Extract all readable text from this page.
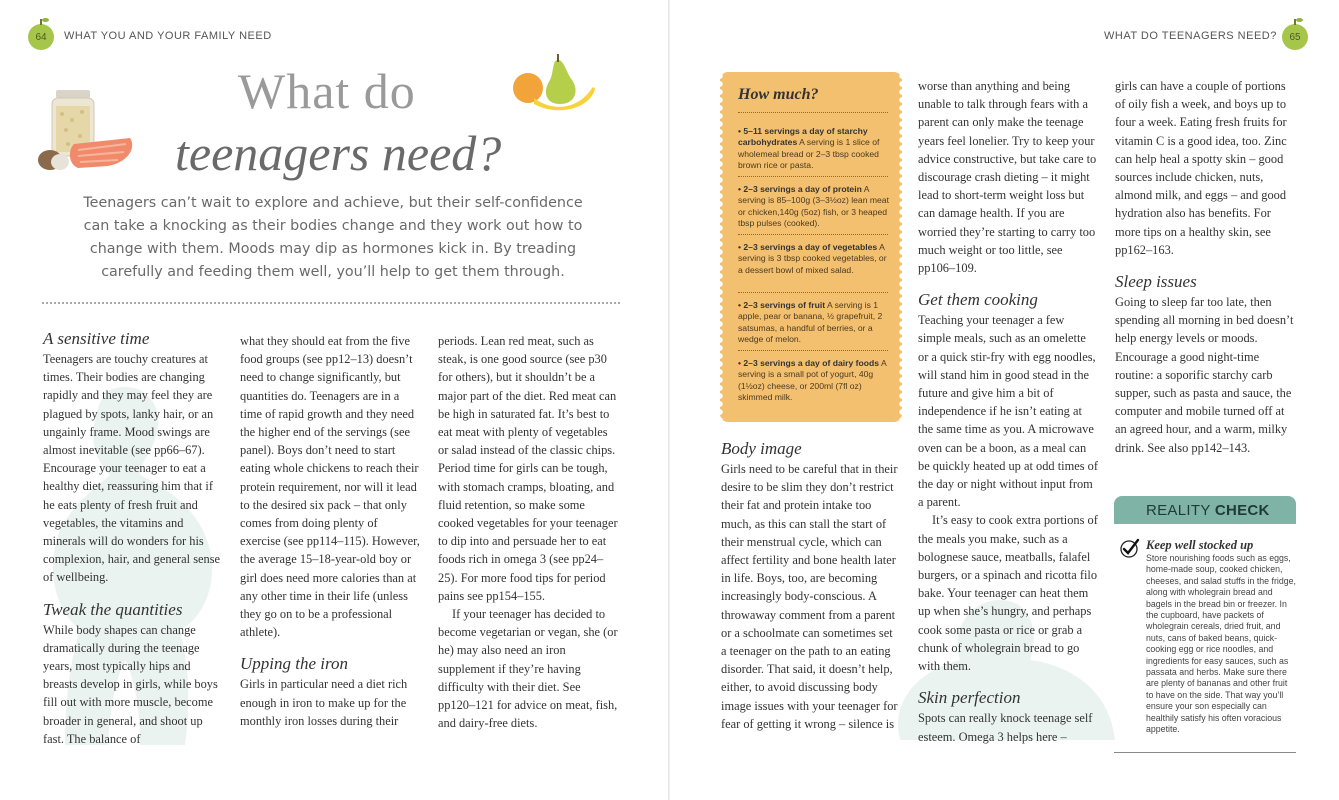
64 WHAT YOU AND YOUR FAMILY NEED
What do
teenagers need?
Teenagers can’t wait to explore and achieve, but their self-confidence can take a knocking as their bodies change and they work out how to change with them. Moods may dip as hormones kick in. By treading carefully and feeding them well, you’ll help to get them through.
A sensitive time

Teenagers are touchy creatures at times. Their bodies are changing rapidly and they may feel they are plagued by spots, lanky hair, or an ungainly frame. Mood swings are almost inevitable (see pp66–67). Encourage your teenager to eat a healthy diet, reassuring him that if he eats plenty of fresh fruit and vegetables, the vitamins and minerals will do wonders for his complexion, hair, and general sense of wellbeing.

Tweak the quantities

While body shapes can change dramatically during the teenage years, most typically hips and breasts develop in girls, while boys fill out with more muscle, become broader in general, and shoot up fast. The balance of

what they should eat from the five food groups (see pp12–13) doesn’t need to change significantly, but quantities do. Teenagers are in a time of rapid growth and they need the higher end of the servings (see panel). Boys don’t need to start eating whole chickens to reach their protein requirement, nor will it lead to the desired six pack – that only comes from doing plenty of exercise (see pp114–115). However, the average 15–18-year-old boy or girl does need more calories than at any other time in their life (unless they go on to be a professional athlete).

Upping the iron

Girls in particular need a diet rich enough in iron to make up for the monthly iron losses during their

periods. Lean red meat, such as steak, is one good source (see p30 for others), but it shouldn’t be a major part of the diet. Red meat can be high in saturated fat. It’s best to eat meat with plenty of vegetables or salad instead of the classic chips. Period time for girls can be tough, with stomach cramps, bloating, and fluid retention, so make some cooked vegetables for your teenager to dip into and persuade her to eat foods rich in omega 3 (see pp24–25). For more food tips for period pains see pp154–155.

If your teenager has decided to become vegetarian or vegan, she (or he) may also need an iron supplement if they’re having difficulty with their diet. See pp120–121 for advice on meat, fish, and dairy-free diets.

WHAT DO TEENAGERS NEED? 65
How much?
• 5–11 servings a day of starchy carbohydrates A serving is 1 slice of wholemeal bread or 2–3 tbsp cooked brown rice or pasta.
• 2–3 servings a day of protein A serving is 85–100g (3–3½oz) lean meat or chicken,140g (5oz) fish, or 3 heaped tbsp pulses (cooked).
• 2–3 servings a day of vegetables A serving is 3 tbsp cooked vegetables, or a dessert bowl of mixed salad.
• 2–3 servings of fruit A serving is 1 apple, pear or banana, ½ grapefruit, 2 satsumas, a handful of berries, or a wedge of melon.
• 2–3 servings a day of dairy foods A serving is a small pot of yogurt, 40g (1½oz) cheese, or 200ml (7fl oz) skimmed milk.
Body image

Girls need to be careful that in their desire to be slim they don’t restrict their fat and protein intake too much, as this can stall the start of their menstrual cycle, which can affect fertility and bone health later in life. Boys, too, are becoming increasingly body-conscious. A throwaway comment from a parent or a schoolmate can sometimes set a teenager on the path to an eating disorder. That said, it doesn’t help, either, to avoid discussing body image issues with your teenager for fear of getting it wrong – silence is

worse than anything and being unable to talk through fears with a parent can only make the teenage years feel lonelier. Try to keep your advice constructive, but take care to discourage crash dieting – it might lead to short-term weight loss but can damage health. If you are worried they’re starting to carry too much weight or too little, see pp106–109.

Get them cooking

Teaching your teenager a few simple meals, such as an omelette or a quick stir-fry with egg noodles, will stand him in good stead in the future and give him a bit of independence if he isn’t eating at the same time as you. A microwave oven can be a boon, as a meal can be quickly heated up at odd times of the day or night without input from a parent.

It’s easy to cook extra portions of the meals you make, such as a bolognese sauce, meatballs, falafel burgers, or a spinach and ricotta filo bake. Your teenager can heat them up when she’s hungry, and perhaps cook some pasta or rice or grab a chunk of wholegrain bread to go with them.

Skin perfection

Spots can really knock teenage self esteem. Omega 3 helps here –

girls can have a couple of portions of oily fish a week, and boys up to four a week. Eating fresh fruits for vitamin C is a good idea, too. Zinc can help heal a spotty skin – good sources include chicken, nuts, almond milk, and eggs – and good hydration also has benefits. For more tips on a healthy skin, see pp162–163.

Sleep issues

Going to sleep far too late, then spending all morning in bed doesn’t help energy levels or moods. Encourage a good night-time routine: a soporific starchy carb supper, such as pasta and sauce, the computer and mobile turned off at an agreed hour, and a warm, milky drink. See also pp142–143.

REALITY CHECK
Keep well stocked up
Store nourishing foods such as eggs, home-made soup, cooked chicken, cheeses, and salad stuffs in the fridge, along with wholegrain bread and bagels in the bread bin or freezer. In the cupboard, have packets of wholegrain cereals, dried fruit, and nuts, cans of baked beans, quick-cooking egg or rice noodles, and ingredients for easy sauces, such as passata and herbs. Make sure there are plenty of bananas and other fruit to have on the side. That way you’ll ensure your son especially can healthily satisfy his often voracious appetite.
